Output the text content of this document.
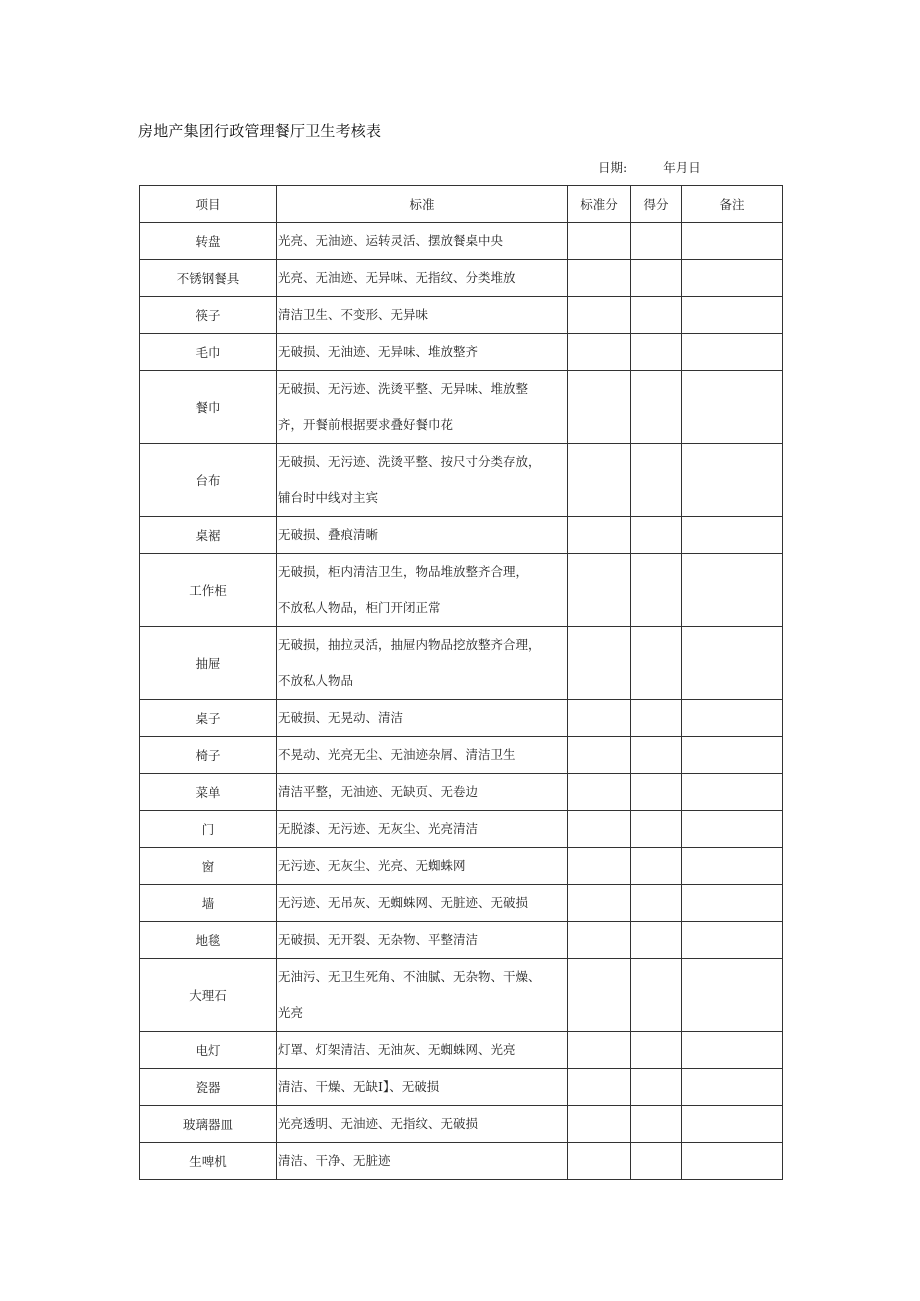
房地产集团行政管理餐厅卫生考核表
日期:	年月日
项目	标准	标准分	得分	备注
转盘	光亮、无油迹、运转灵活、摆放餐桌中央			

不锈钢餐具	光亮、无油迹、无异味、无指纹、分类堆放			

筷子	清洁卫生、不变形、无异味			

毛巾	无破损、无油迹、无异味、堆放整齐			

餐巾	无破损、无污迹、洗烫平整、无异味、堆放整
齐，开餐前根据要求叠好餐巾花			

台布	无破损、无污迹、洗烫平整、按尺寸分类存放，
铺台时中线对主宾			

桌裾	无破损、叠痕清晰			

工作柜	无破损，柜内清洁卫生，物品堆放整齐合理，
不放私人物品，柜门开闭正常			

抽屉	无破损，抽拉灵活，抽屉内物品挖放整齐合理，
不放私人物品			

桌子	无破损、无晃动、清洁			

椅子	不晃动、光亮无尘、无油迹杂屑、清洁卫生			

菜单	清洁平整，无油迹、无缺页、无卷边			

门	无脱漆、无污迹、无灰尘、光亮清洁			

窗	无污迹、无灰尘、光亮、无蜘蛛网			

墙	无污迹、无吊灰、无蜘蛛网、无脏迹、无破损			

地毯	无破损、无开裂、无杂物、平整清洁			

大理石	无油污、无卫生死角、不油腻、无杂物、干燥、
光亮			

电灯	灯罩、灯架清洁、无油灰、无蜘蛛网、光亮			

瓷器	清洁、干燥、无缺I】、无破损			

玻璃器皿	光亮透明、无油迹、无指纹、无破损			

生啤机	清洁、干净、无脏迹			
